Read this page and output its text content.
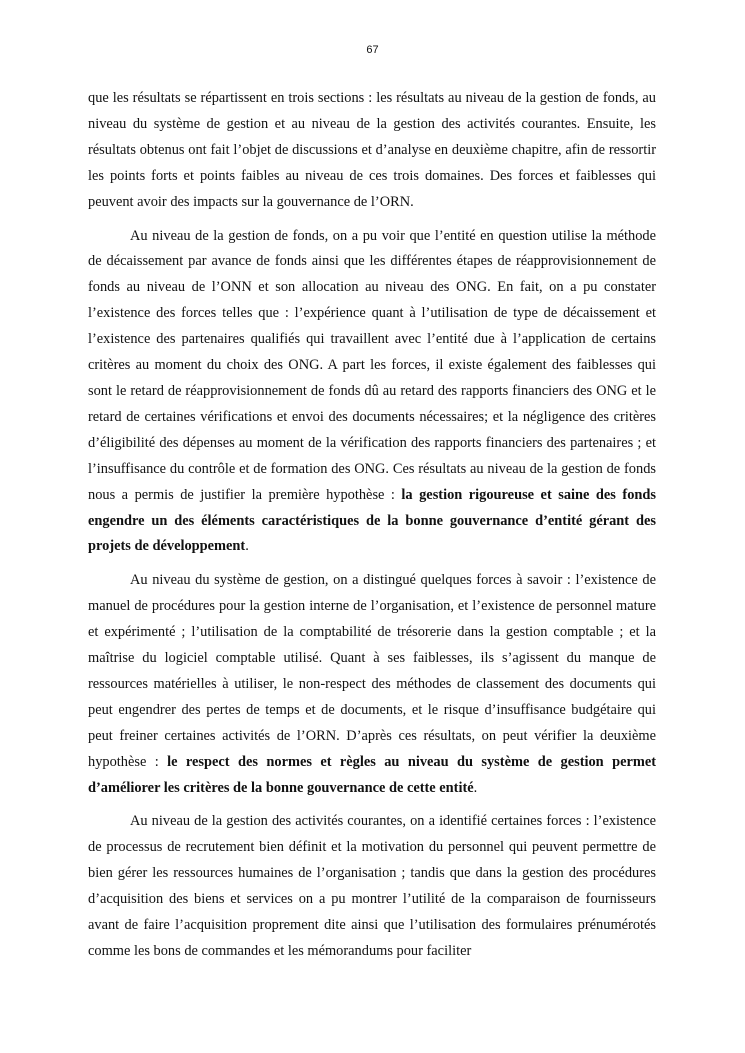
67

que les résultats se répartissent en trois sections : les résultats au niveau de la gestion de fonds, au niveau du système de gestion et au niveau de la gestion des activités courantes. Ensuite, les résultats obtenus ont fait l’objet de discussions et d’analyse en deuxième chapitre, afin de ressortir les points forts et points faibles au niveau de ces trois domaines. Des forces et faiblesses qui peuvent avoir des impacts sur la gouvernance de l’ORN.

Au niveau de la gestion de fonds, on a pu voir que l’entité en question utilise la méthode de décaissement par avance de fonds ainsi que les différentes étapes de réapprovisionnement de fonds au niveau de l’ONN et son allocation au niveau des ONG. En fait, on a pu constater l’existence des forces telles que : l’expérience quant à l’utilisation de type de décaissement et l’existence des partenaires qualifiés qui travaillent avec l’entité due à l’application de certains critères au moment du choix des ONG. A part les forces, il existe également des faiblesses qui sont le retard de réapprovisionnement de fonds dû au retard des rapports financiers des ONG et le retard de certaines vérifications et envoi des documents nécessaires; et la négligence des critères d’éligibilité des dépenses au moment de la vérification des rapports financiers des partenaires ; et l’insuffisance du contrôle et de formation des ONG. Ces résultats au niveau de la gestion de fonds nous a permis de justifier la première hypothèse : la gestion rigoureuse et saine des fonds engendre un des éléments caractéristiques de la bonne gouvernance d’entité gérant des projets de développement.

Au niveau du système de gestion, on a distingué quelques forces à savoir : l’existence de manuel de procédures pour la gestion interne de l’organisation, et l’existence de personnel mature et expérimenté ; l’utilisation de la comptabilité de trésorerie dans la gestion comptable ; et la maîtrise du logiciel comptable utilisé. Quant à ses faiblesses, ils s’agissent du manque de ressources matérielles à utiliser, le non-respect des méthodes de classement des documents qui peut engendrer des pertes de temps et de documents, et le risque d’insuffisance budgétaire qui peut freiner certaines activités de l’ORN. D’après ces résultats, on peut vérifier la deuxième hypothèse : le respect des normes et règles au niveau du système de gestion permet d’améliorer les critères de la bonne gouvernance de cette entité.

Au niveau de la gestion des activités courantes, on a identifié certaines forces : l’existence de processus de recrutement bien définit et la motivation du personnel qui peuvent permettre de bien gérer les ressources humaines de l’organisation ; tandis que dans la gestion des procédures d’acquisition des biens et services on a pu montrer l’utilité de la comparaison de fournisseurs avant de faire l’acquisition proprement dite ainsi que l’utilisation des formulaires prénumérotés comme les bons de commandes et les mémorandums pour faciliter
